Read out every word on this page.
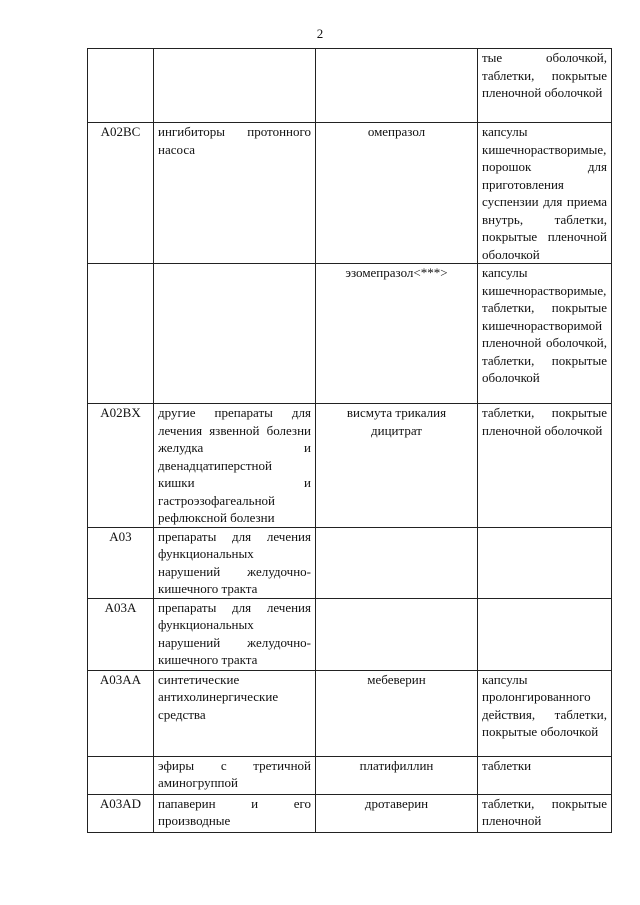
2
			тые оболочкой, таблетки, покрытые пленочной оболочкой
A02BC	ингибиторы протонного насоса	омепразол	капсулы кишечнорастворимые, порошок для приготовления суспензии для приема внутрь, таблетки, покрытые пленочной оболочкой
		эзомепразол<***>	капсулы кишечнорастворимые, таблетки, покрытые кишечнорастворимой пленочной оболочкой, таблетки, покрытые оболочкой
A02BX	другие препараты для лечения язвенной болезни желудка и двенадцатиперстной кишки и гастроэзофагеальной рефлюксной болезни	висмута трикалия дицитрат	таблетки, покрытые пленочной оболочкой
A03	препараты для лечения функциональных нарушений желудочно-кишечного тракта		
A03A	препараты для лечения функциональных нарушений желудочно-кишечного тракта		
A03AA	синтетические антихолинергические средства	мебеверин	капсулы пролонгированного действия, таблетки, покрытые оболочкой
	эфиры с третичной аминогруппой	платифиллин	таблетки
A03AD	папаверин и его производные	дротаверин	таблетки, покрытые пленочной
